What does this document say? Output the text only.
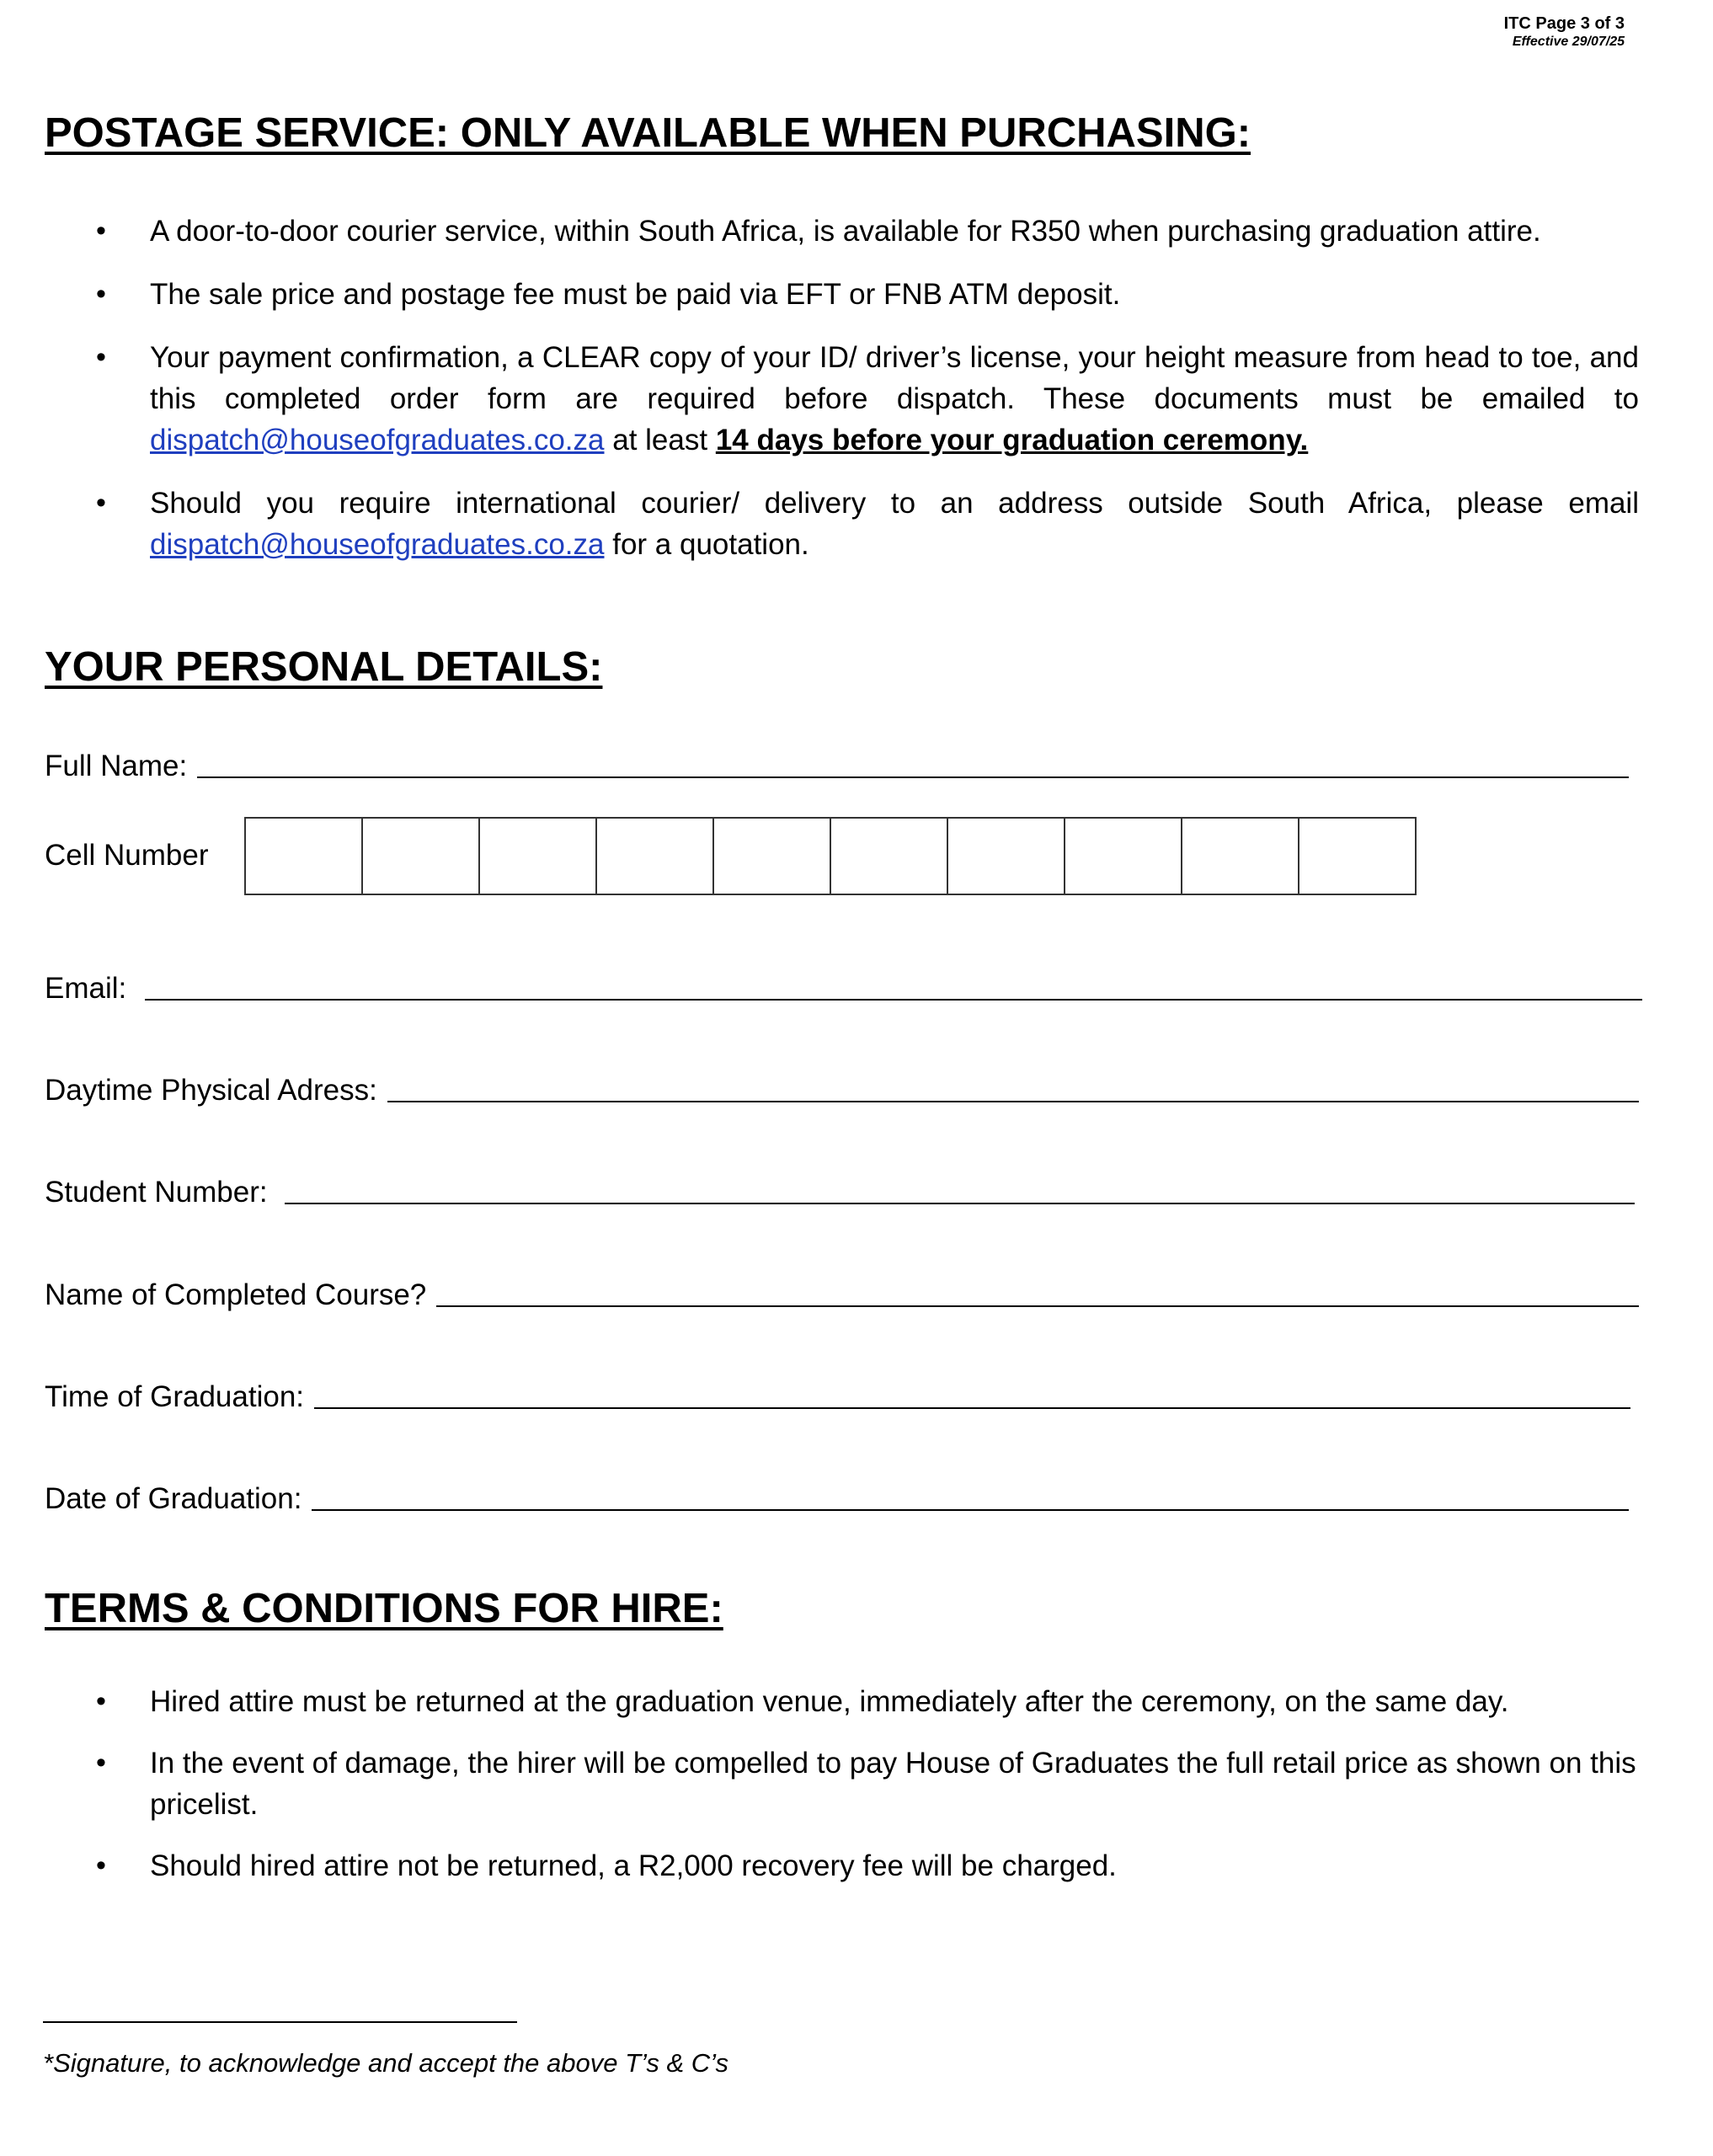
ITC Page 3 of 3
Effective 29/07/25
POSTAGE SERVICE: ONLY AVAILABLE WHEN PURCHASING:
• A door-to-door courier service, within South Africa, is available for R350 when purchasing graduation attire.
• The sale price and postage fee must be paid via EFT or FNB ATM deposit.
• Your payment confirmation, a CLEAR copy of your ID/ driver’s license, your height measure from head to toe, and this completed order form are required before dispatch. These documents must be emailed to dispatch@houseofgraduates.co.za at least 14 days before your graduation ceremony.
• Should you require international courier/ delivery to an address outside South Africa, please email dispatch@houseofgraduates.co.za for a quotation.
YOUR PERSONAL DETAILS:
Full Name:
Cell Number
Email:
Daytime Physical Adress:
Student Number:
Name of Completed Course?
Time of Graduation:
Date of Graduation:
TERMS & CONDITIONS FOR HIRE:
• Hired attire must be returned at the graduation venue, immediately after the ceremony, on the same day.
• In the event of damage, the hirer will be compelled to pay House of Graduates the full retail price as shown on this pricelist.
• Should hired attire not be returned, a R2,000 recovery fee will be charged.
*Signature, to acknowledge and accept the above T’s & C’s
